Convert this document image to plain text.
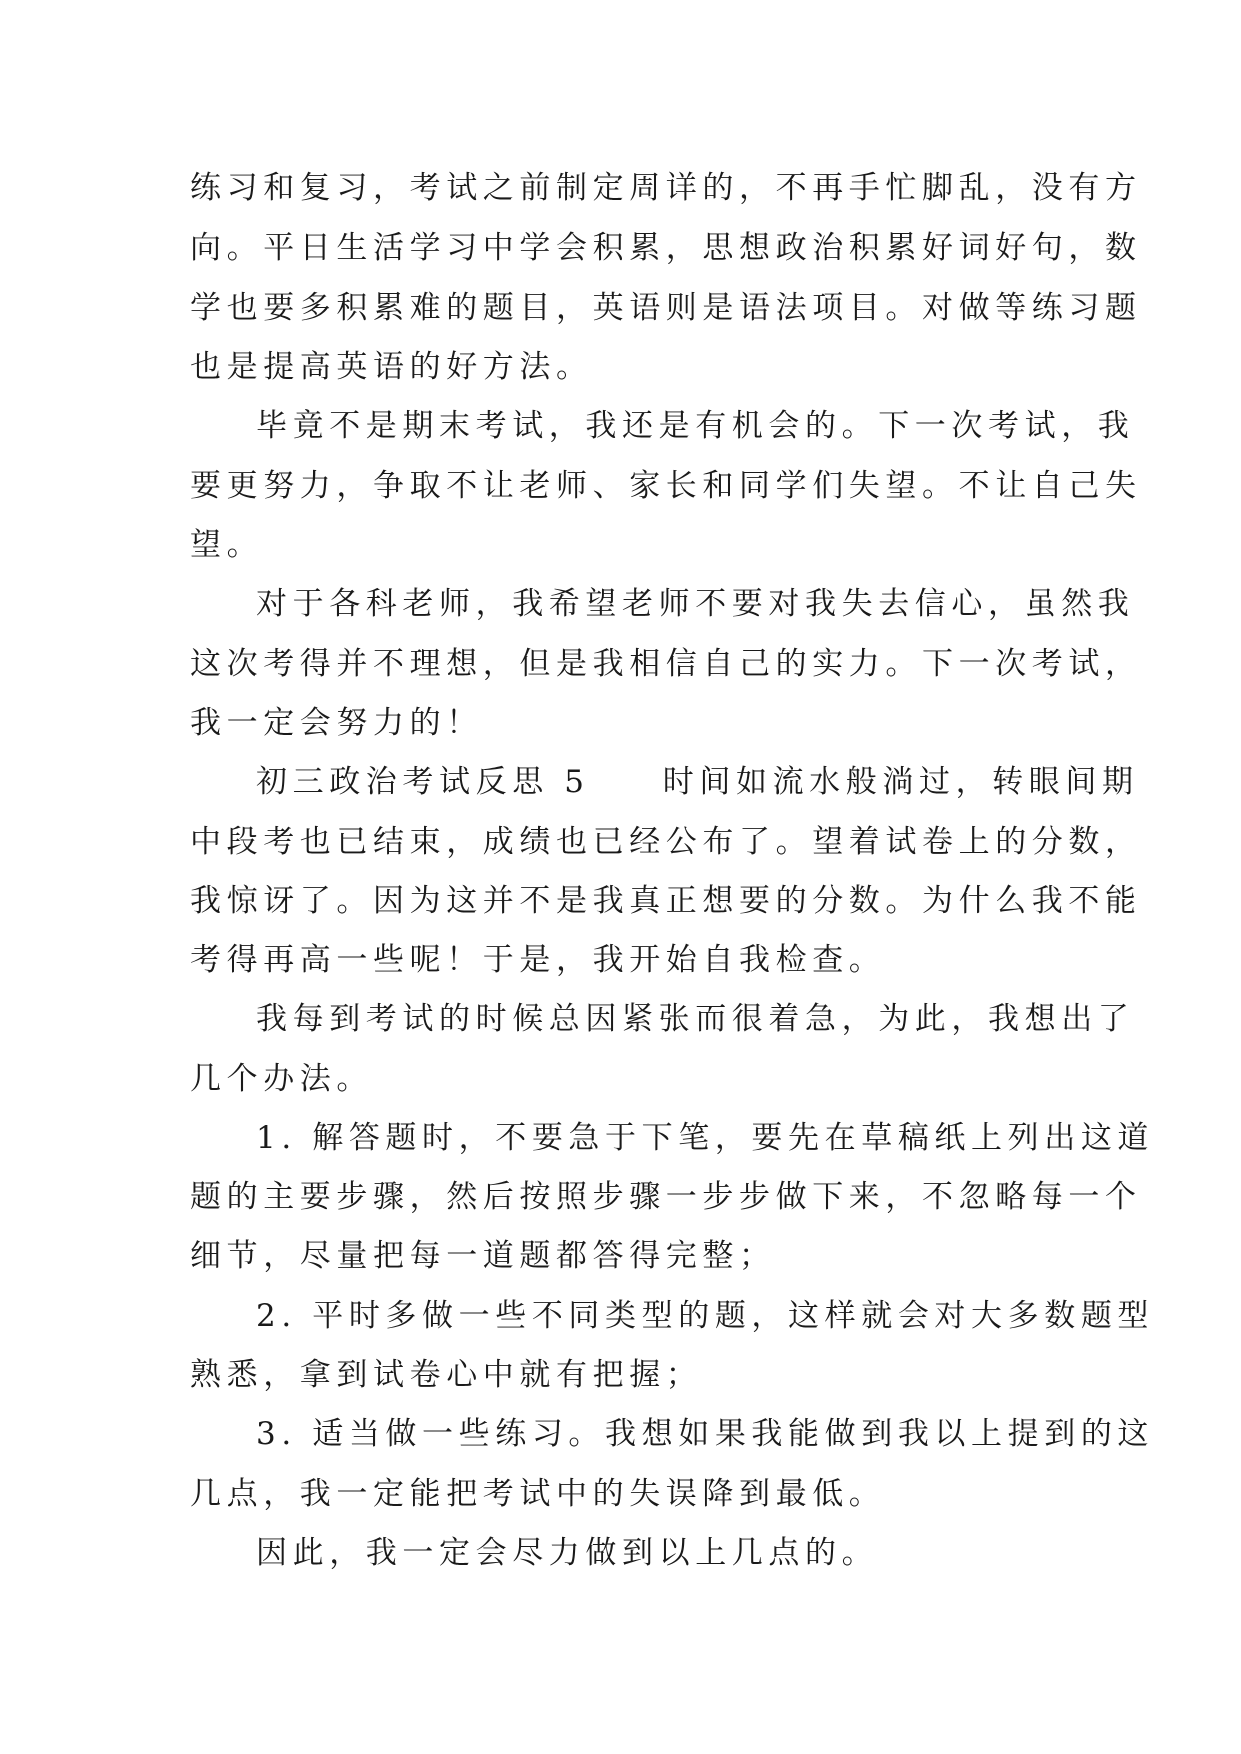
练习和复习，考试之前制定周详的，不再手忙脚乱，没有方
向。平日生活学习中学会积累，思想政治积累好词好句，数
学也要多积累难的题目，英语则是语法项目。对做等练习题
也是提高英语的好方法。
毕竟不是期末考试，我还是有机会的。下一次考试，我
要更努力，争取不让老师、家长和同学们失望。不让自己失
望。
对于各科老师，我希望老师不要对我失去信心，虽然我
这次考得并不理想，但是我相信自己的实力。下一次考试，
我一定会努力的！
初三政治考试反思 5　　时间如流水般淌过，转眼间期
中段考也已结束，成绩也已经公布了。望着试卷上的分数，
我惊讶了。因为这并不是我真正想要的分数。为什么我不能
考得再高一些呢！于是，我开始自我检查。
我每到考试的时候总因紧张而很着急，为此，我想出了
几个办法。
1. 解答题时，不要急于下笔，要先在草稿纸上列出这道
题的主要步骤，然后按照步骤一步步做下来，不忽略每一个
细节，尽量把每一道题都答得完整；
2. 平时多做一些不同类型的题，这样就会对大多数题型
熟悉，拿到试卷心中就有把握；
3. 适当做一些练习。我想如果我能做到我以上提到的这
几点，我一定能把考试中的失误降到最低。
因此，我一定会尽力做到以上几点的。
